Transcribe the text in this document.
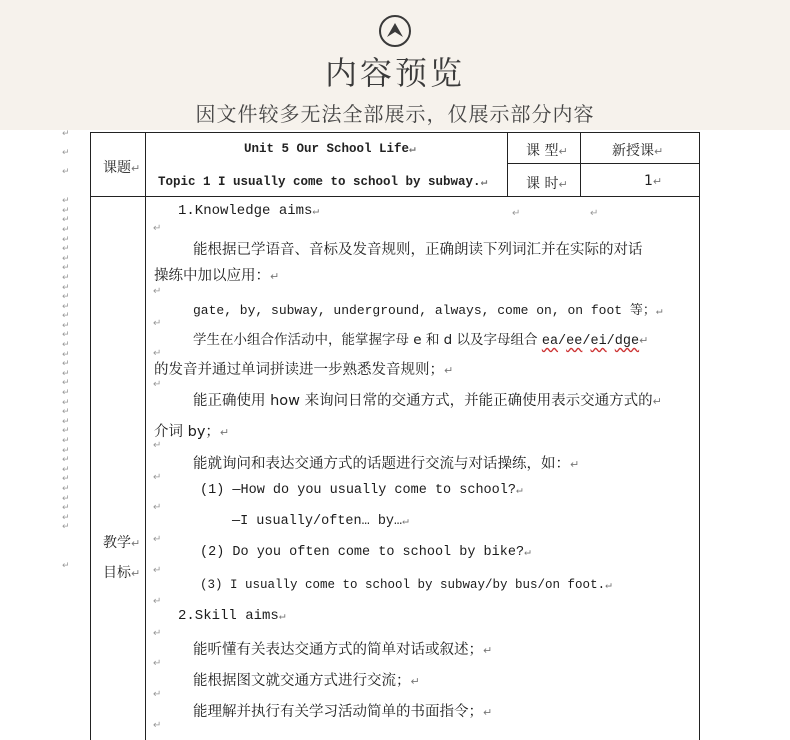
内容预览
因文件较多无法全部展示，仅展示部分内容
↵
↵
↵
↵
↵
↵
↵
↵
↵
↵
↵
↵
↵
↵
↵
↵
↵
↵
↵
↵
↵
↵
↵
↵
↵
↵
↵
↵
↵
↵
↵
↵
↵
↵
↵
↵
↵
↵
↵
课题↵
Unit 5 Our School Life↵
Topic 1 I usually come to school by subway.↵
课 型↵	新授课↵
课 时↵	1↵
教学↵
目标↵
1.Knowledge aims↵	↵	↵
↵
能根据已学语音、音标及发音规则，正确朗读下列词汇并在实际的对话
操练中加以应用：↵
↵
gate, by, subway, underground, always, come on, on foot 等；↵
↵
学生在小组合作活动中，能掌握字母 e 和 d 以及字母组合 ea/ee/ei/dge↵
↵
的发音并通过单词拼读进一步熟悉发音规则；↵
↵
能正确使用 how 来询问日常的交通方式，并能正确使用表示交通方式的↵
介词 by；↵
↵
能就询问和表达交通方式的话题进行交流与对话操练，如：↵
↵
(1) —How do you usually come to school?↵
↵
—I usually/often… by…↵
↵
(2) Do you often come to school by bike?↵
↵
(3) I usually come to school by subway/by bus/on foot.↵
↵
2.Skill aims↵
↵
能听懂有关表达交通方式的简单对话或叙述；↵
↵
能根据图文就交通方式进行交流；↵
↵
能理解并执行有关学习活动简单的书面指令；↵
↵
